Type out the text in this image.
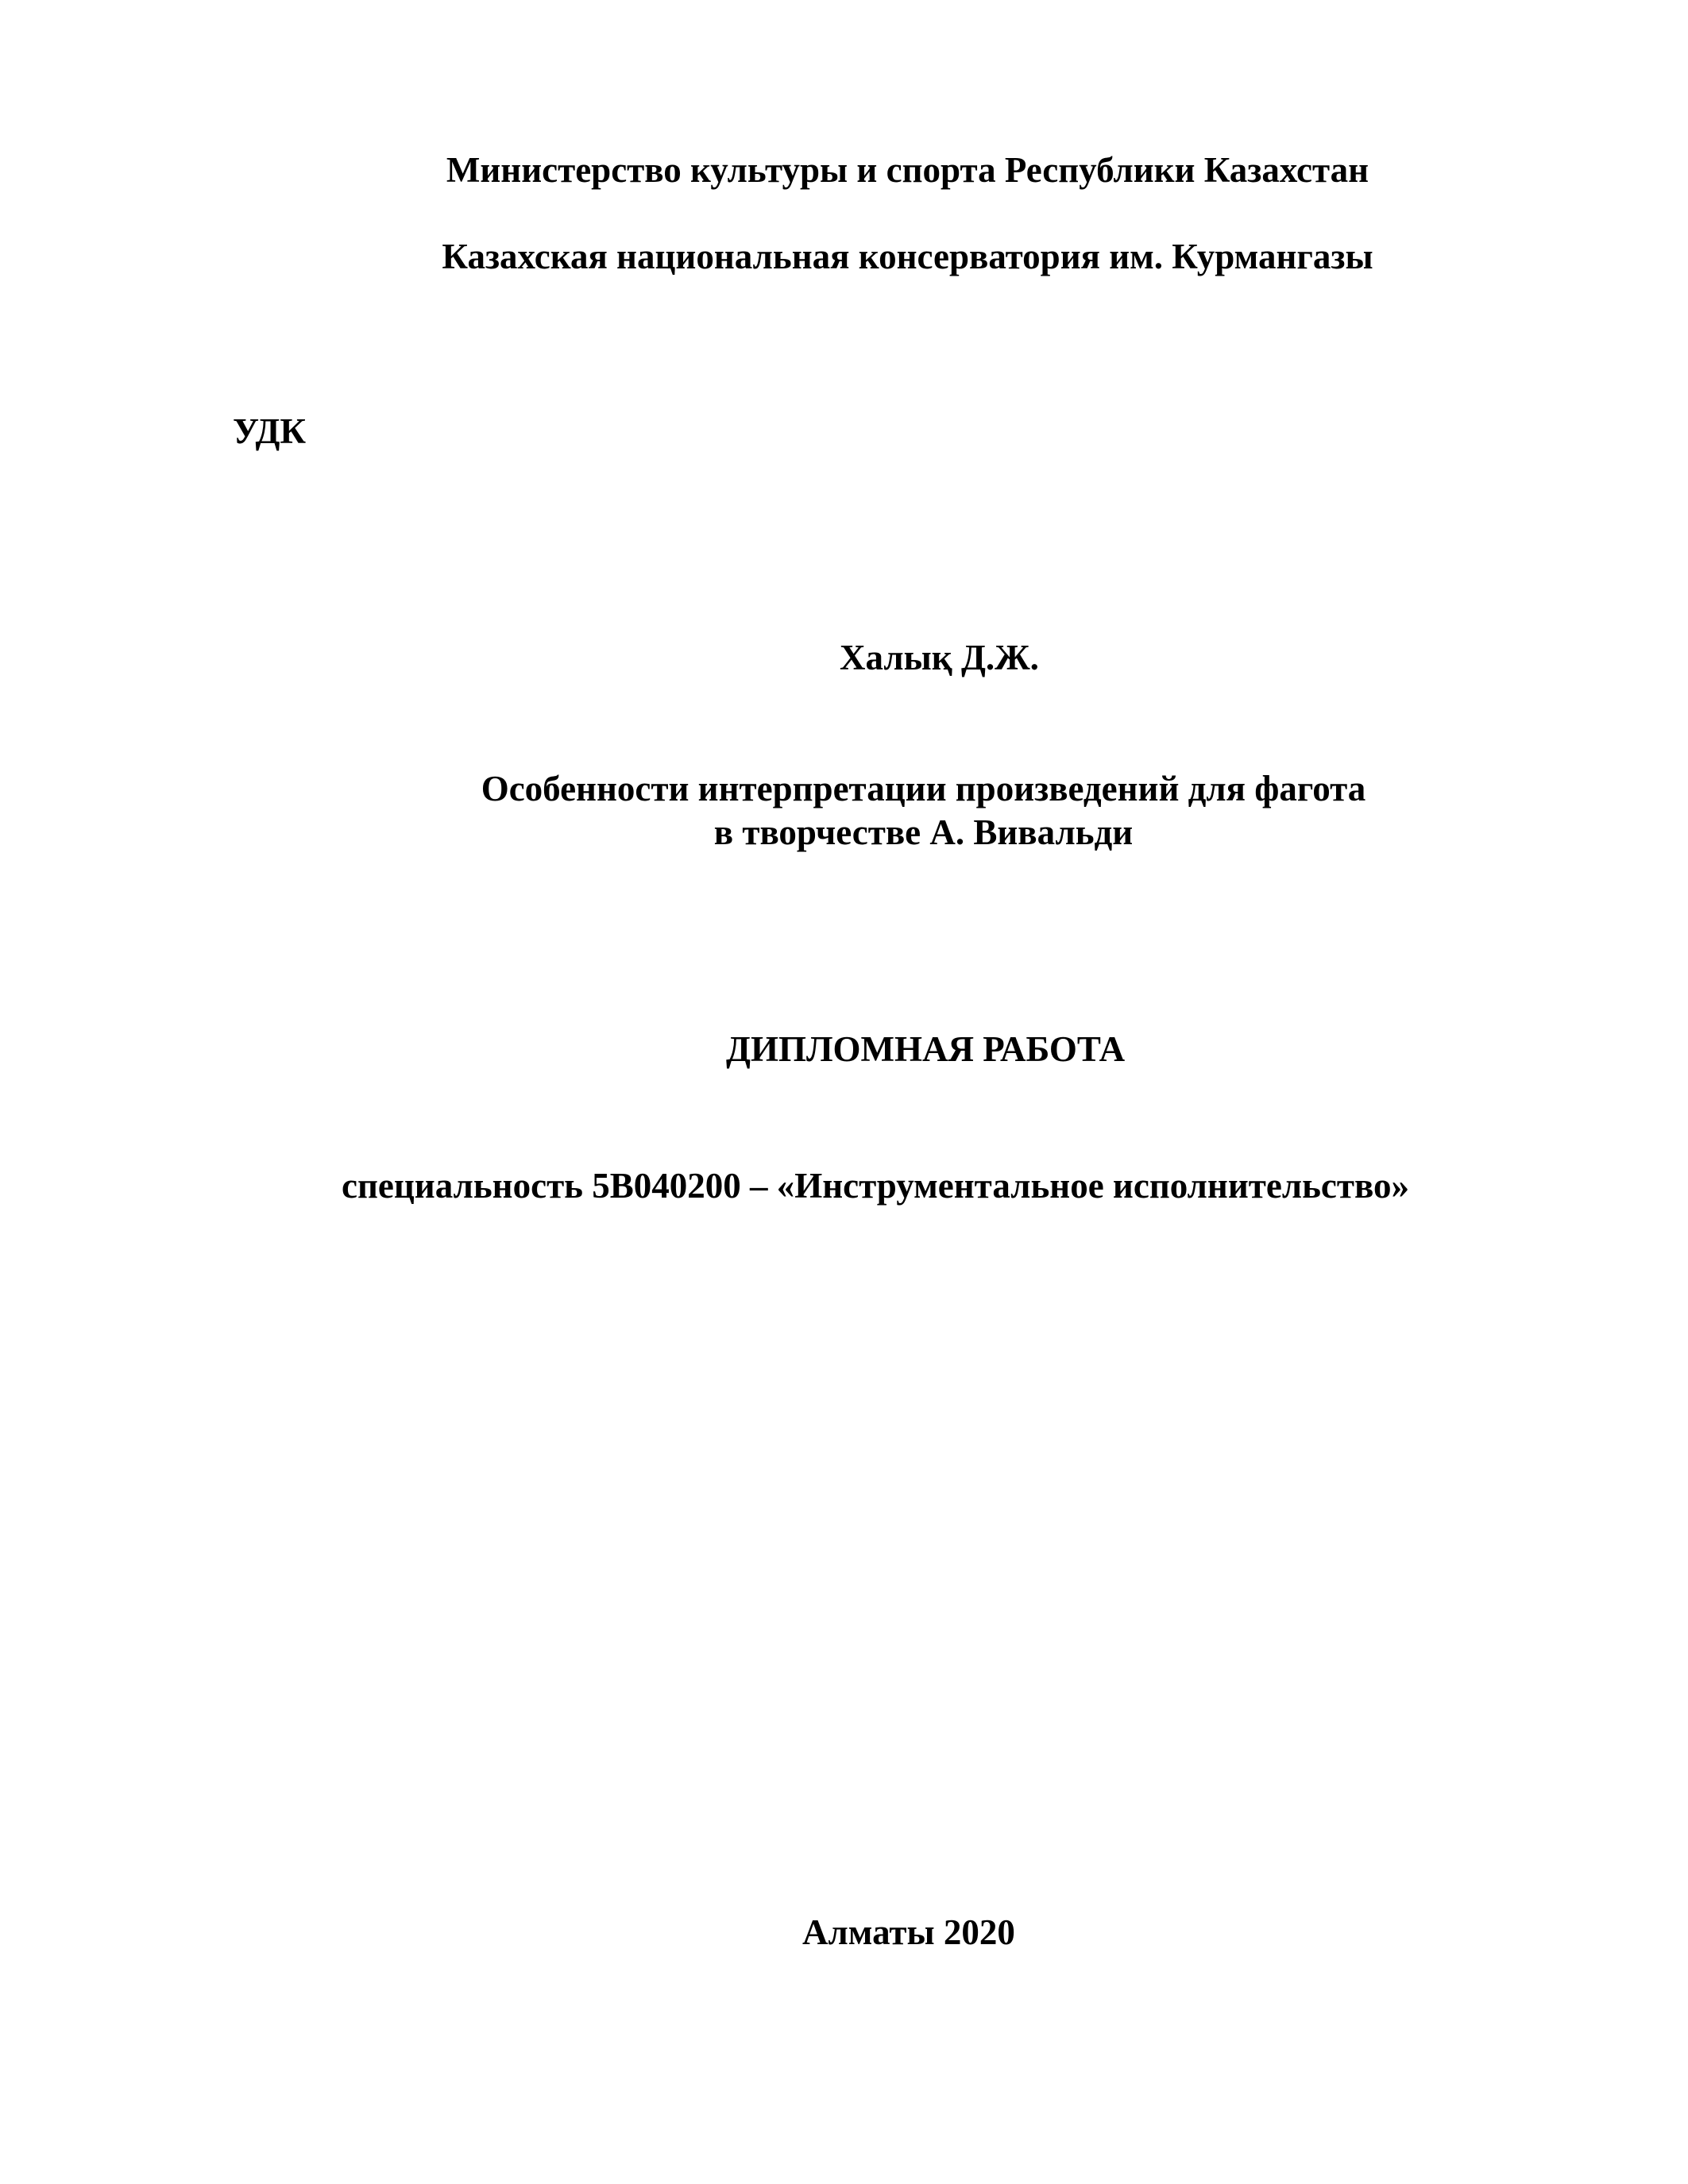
Министерство культуры и спорта Республики Казахстан

Казахская национальная консерватория им. Курмангазы

УДК

Халық Д.Ж.

Особенности интерпретации произведений для фагота

в творчестве А. Вивальди

ДИПЛОМНАЯ РАБОТА

специальность 5В040200 – «Инструментальное исполнительство»

Алматы 2020
